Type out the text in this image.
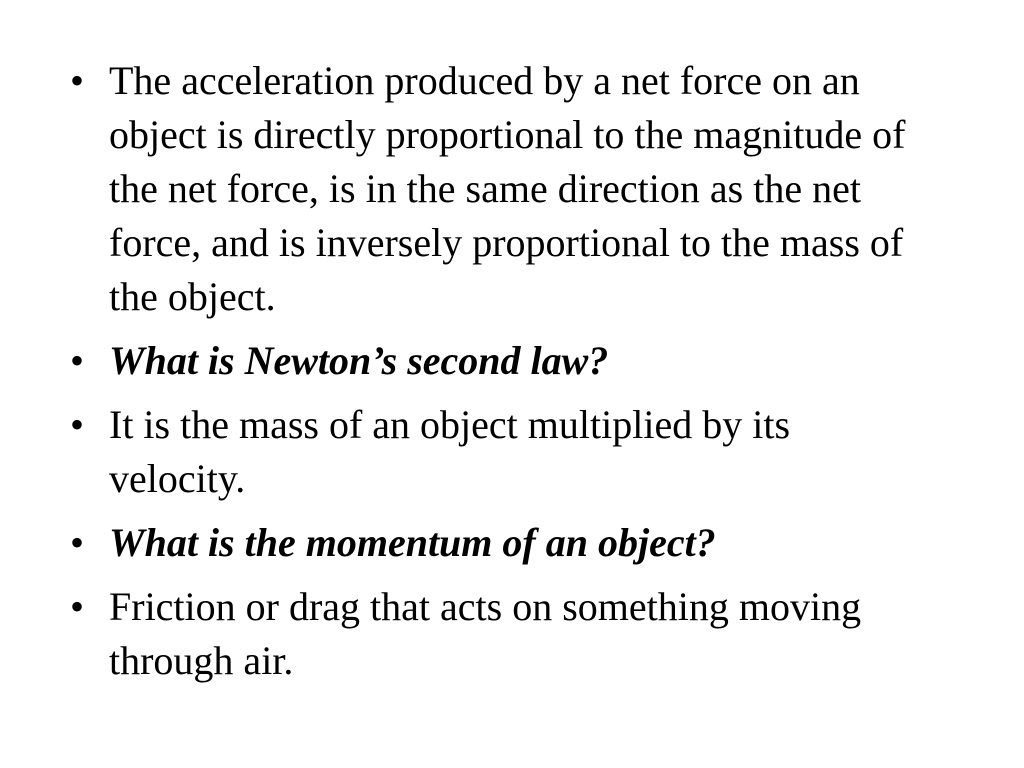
• The acceleration produced by a net force on an object is directly proportional to the magnitude of the net force, is in the same direction as the net force, and is inversely proportional to the mass of the object.
• What is Newton’s second law?
• It is the mass of an object multiplied by its velocity.
• What is the momentum of an object?
• Friction or drag that acts on something moving through air.
